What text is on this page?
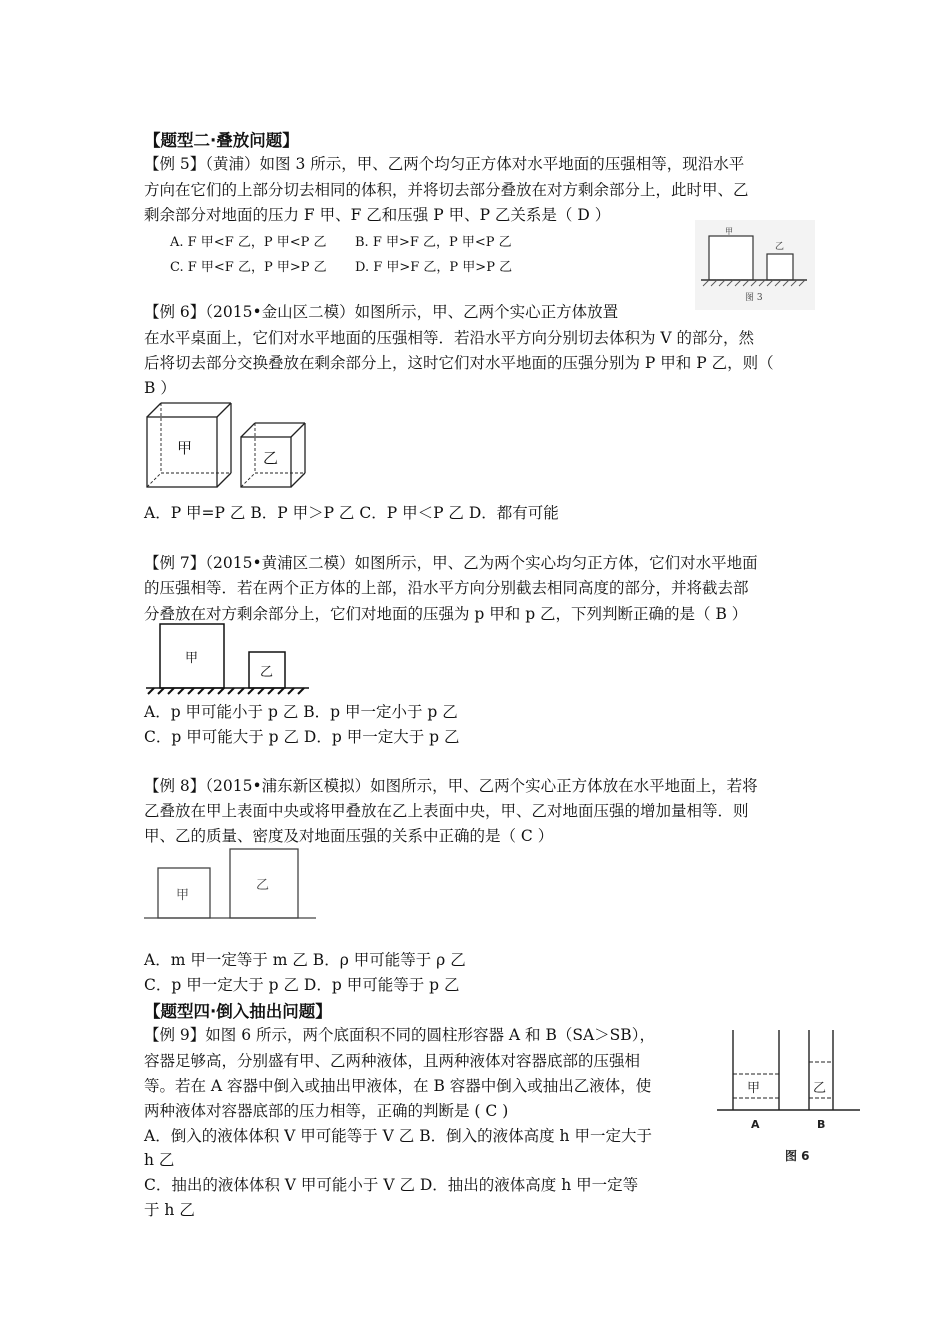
【题型二·叠放问题】
【例 5】（黄浦）如图 3 所示，甲、乙两个均匀正方体对水平地面的压强相等，现沿水平
方向在它们的上部分切去相同的体积，并将切去部分叠放在对方剩余部分上，此时甲、乙
剩余部分对地面的压力 F 甲、F 乙和压强 P 甲、P 乙关系是（ D ）
A. F 甲<F 乙，P 甲<P 乙 B. F 甲>F 乙，P 甲<P 乙
C. F 甲<F 乙，P 甲>P 乙 D. F 甲>F 乙，P 甲>P 乙
甲
乙
图 3
【例 6】（2015•金山区二模）如图所示，甲、乙两个实心正方体放置
在水平桌面上，它们对水平地面的压强相等．若沿水平方向分别切去体积为 V 的部分，然
后将切去部分交换叠放在剩余部分上，这时它们对水平地面的压强分别为 P 甲和 P 乙，则（
B ）
甲
乙
A．P 甲=P 乙 B．P 甲＞P 乙 C．P 甲＜P 乙 D．都有可能
【例 7】（2015•黄浦区二模）如图所示，甲、乙为两个实心均匀正方体，它们对水平地面
的压强相等．若在两个正方体的上部，沿水平方向分别截去相同高度的部分，并将截去部
分叠放在对方剩余部分上，它们对地面的压强为 p 甲和 p 乙，下列判断正确的是（ B ）
甲
乙
A．p 甲可能小于 p 乙 B．p 甲一定小于 p 乙
C．p 甲可能大于 p 乙 D．p 甲一定大于 p 乙
【例 8】（2015•浦东新区模拟）如图所示，甲、乙两个实心正方体放在水平地面上，若将
乙叠放在甲上表面中央或将甲叠放在乙上表面中央，甲、乙对地面压强的增加量相等．则
甲、乙的质量、密度及对地面压强的关系中正确的是（ C ）
甲
乙
A．m 甲一定等于 m 乙 B．ρ 甲可能等于 ρ 乙
C．p 甲一定大于 p 乙 D．p 甲可能等于 p 乙
【题型四·倒入抽出问题】
【例 9】如图 6 所示，两个底面积不同的圆柱形容器 A 和 B（SA＞SB），
容器足够高，分别盛有甲、乙两种液体，且两种液体对容器底部的压强相
等。若在 A 容器中倒入或抽出甲液体，在 B 容器中倒入或抽出乙液体，使
两种液体对容器底部的压力相等，正确的判断是 ( C )
A．倒入的液体体积 V 甲可能等于 V 乙 B．倒入的液体高度 h 甲一定大于
h 乙
C．抽出的液体体积 V 甲可能小于 V 乙 D．抽出的液体高度 h 甲一定等
于 h 乙
甲	乙
A	B
图 6
